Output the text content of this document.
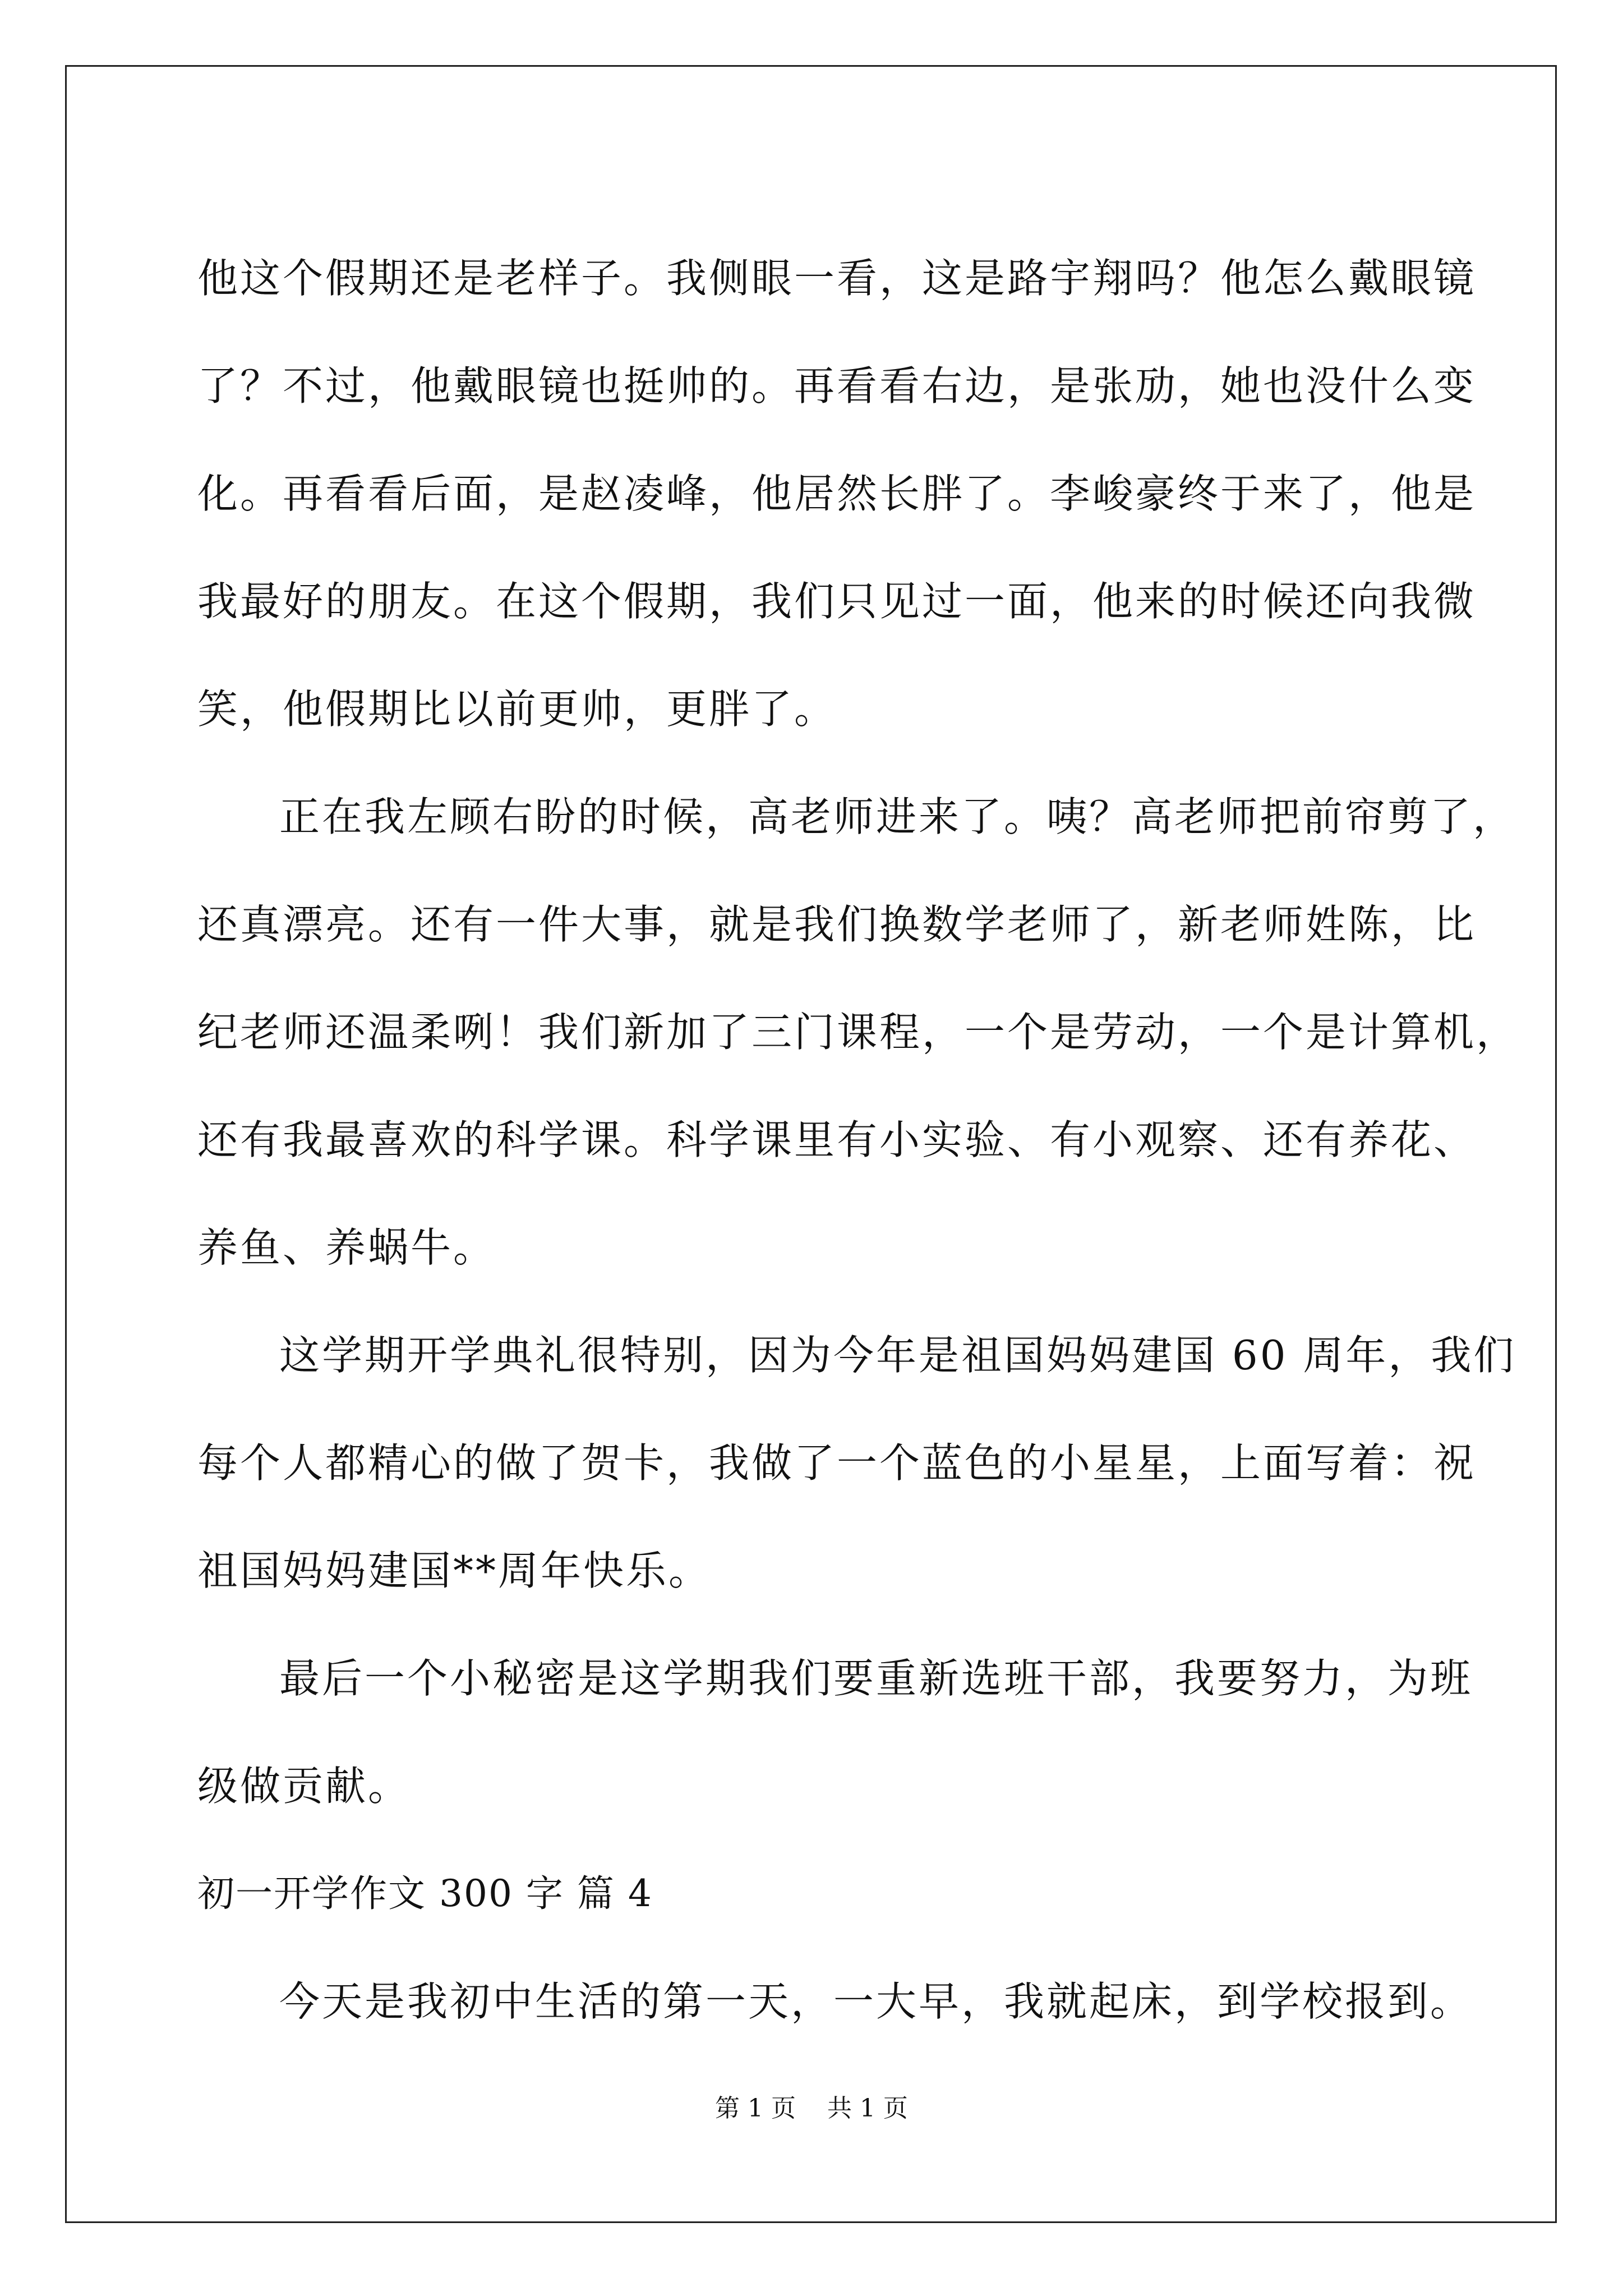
他这个假期还是老样子。我侧眼一看，这是路宇翔吗？他怎么戴眼镜
了？不过，他戴眼镜也挺帅的。再看看右边，是张劢，她也没什么变
化。再看看后面，是赵凌峰，他居然长胖了。李峻豪终于来了，他是
我最好的朋友。在这个假期，我们只见过一面，他来的时候还向我微
笑，他假期比以前更帅，更胖了。
正在我左顾右盼的时候，高老师进来了。咦？高老师把前帘剪了，
还真漂亮。还有一件大事，就是我们换数学老师了，新老师姓陈，比
纪老师还温柔咧！我们新加了三门课程，一个是劳动，一个是计算机，
还有我最喜欢的科学课。科学课里有小实验、有小观察、还有养花、
养鱼、养蜗牛。
这学期开学典礼很特别，因为今年是祖国妈妈建国 60 周年，我们
每个人都精心的做了贺卡，我做了一个蓝色的小星星，上面写着：祝
祖国妈妈建国**周年快乐。
最后一个小秘密是这学期我们要重新选班干部，我要努力，为班
级做贡献。
初一开学作文 300 字 篇 4
今天是我初中生活的第一天，一大早，我就起床，到学校报到。
第 1 页    共 1 页
